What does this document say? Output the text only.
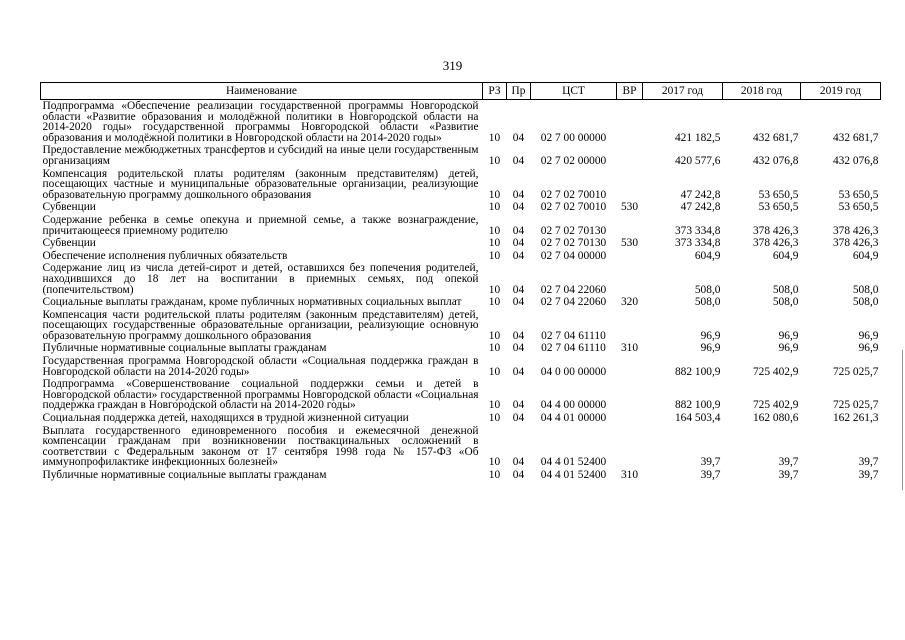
319
Наименование	РЗ	Пр	ЦСТ	ВР	2017 год	2018 год	2019 год
Подпрограмма «Обеспечение реализации государственной программы Новгородской области «Развитие образования и молодёжной политики в Новгородской области на 2014-2020 годы» государственной программы Новгородской области «Развитие образования и молодёжной политики в Новгородской области на 2014-2020 годы»	10	04	02 7 00 00000		421 182,5	432 681,7	432 681,7
Предоставление межбюджетных трансфертов и субсидий на иные цели государственным организациям	10	04	02 7 02 00000		420 577,6	432 076,8	432 076,8
Компенсация родительской платы родителям (законным представителям) детей, посещающих частные и муниципальные образовательные организации, реализующие образовательную программу дошкольного образования	10	04	02 7 02 70010		47 242,8	53 650,5	53 650,5
Субвенции	10	04	02 7 02 70010	530	47 242,8	53 650,5	53 650,5
Содержание ребенка в семье опекуна и приемной семье, а также вознаграждение, причитающееся приемному родителю	10	04	02 7 02 70130		373 334,8	378 426,3	378 426,3
Субвенции	10	04	02 7 02 70130	530	373 334,8	378 426,3	378 426,3
Обеспечение исполнения публичных обязательств	10	04	02 7 04 00000		604,9	604,9	604,9
Содержание лиц из числа детей-сирот и детей, оставшихся без попечения родителей, находившихся до 18 лет на воспитании в приемных семьях, под опекой (попечительством)	10	04	02 7 04 22060		508,0	508,0	508,0
Социальные выплаты гражданам, кроме публичных нормативных социальных выплат	10	04	02 7 04 22060	320	508,0	508,0	508,0
Компенсация части родительской платы родителям (законным представителям) детей, посещающих государственные образовательные организации, реализующие основную образовательную программу дошкольного образования	10	04	02 7 04 61110		96,9	96,9	96,9
Публичные нормативные социальные выплаты гражданам	10	04	02 7 04 61110	310	96,9	96,9	96,9
Государственная программа Новгородской области «Социальная поддержка граждан в Новгородской области на 2014-2020 годы»	10	04	04 0 00 00000		882 100,9	725 402,9	725 025,7
Подпрограмма «Совершенствование социальной поддержки семьи и детей в Новгородской области» государственной программы Новгородской области «Социальная поддержка граждан в Новгородской области на 2014-2020 годы»	10	04	04 4 00 00000		882 100,9	725 402,9	725 025,7
Социальная поддержка детей, находящихся в трудной жизненной ситуации	10	04	04 4 01 00000		164 503,4	162 080,6	162 261,3
Выплата государственного единовременного пособия и ежемесячной денежной компенсации гражданам при возникновении поствакцинальных осложнений в соответствии с Федеральным законом от 17 сентября 1998 года № 157-ФЗ «Об иммунопрофилактике инфекционных болезней»	10	04	04 4 01 52400		39,7	39,7	39,7
Публичные нормативные социальные выплаты гражданам	10	04	04 4 01 52400	310	39,7	39,7	39,7
